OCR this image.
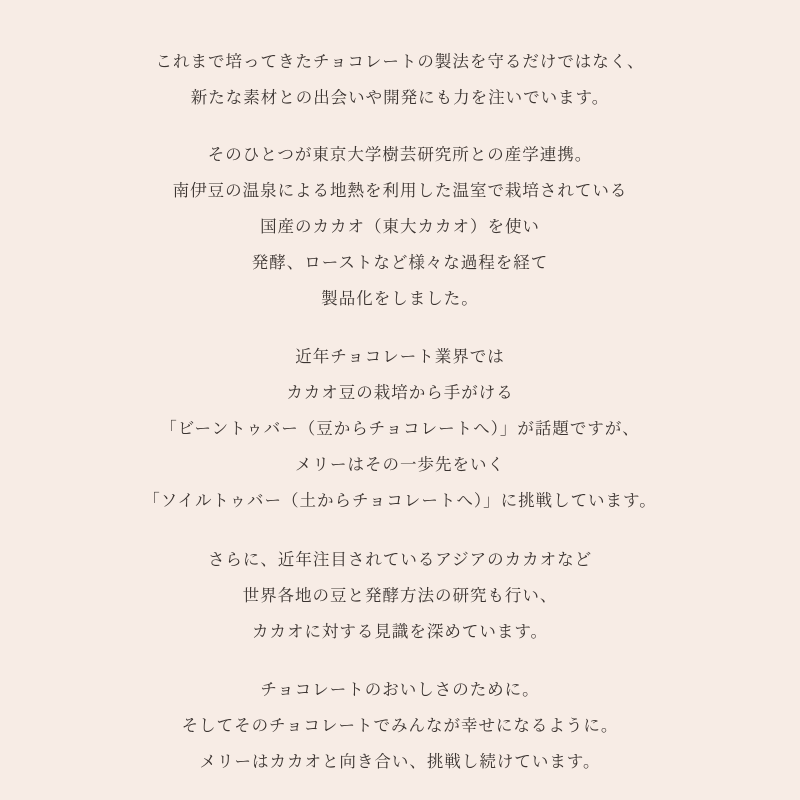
これまで培ってきたチョコレートの製法を守るだけではなく、
新たな素材との出会いや開発にも力を注いでいます。
そのひとつが東京大学樹芸研究所との産学連携。
南伊豆の温泉による地熱を利用した温室で栽培されている
国産のカカオ（東大カカオ）を使い
発酵、ローストなど様々な過程を経て
製品化をしました。
近年チョコレート業界では
カカオ豆の栽培から手がける
「ビーントゥバー（豆からチョコレートへ）」が話題ですが、
メリーはその一歩先をいく
「ソイルトゥバー（土からチョコレートへ）」に挑戦しています。
さらに、近年注目されているアジアのカカオなど
世界各地の豆と発酵方法の研究も行い、
カカオに対する見識を深めています。
チョコレートのおいしさのために。
そしてそのチョコレートでみんなが幸せになるように。
メリーはカカオと向き合い、挑戦し続けています。
